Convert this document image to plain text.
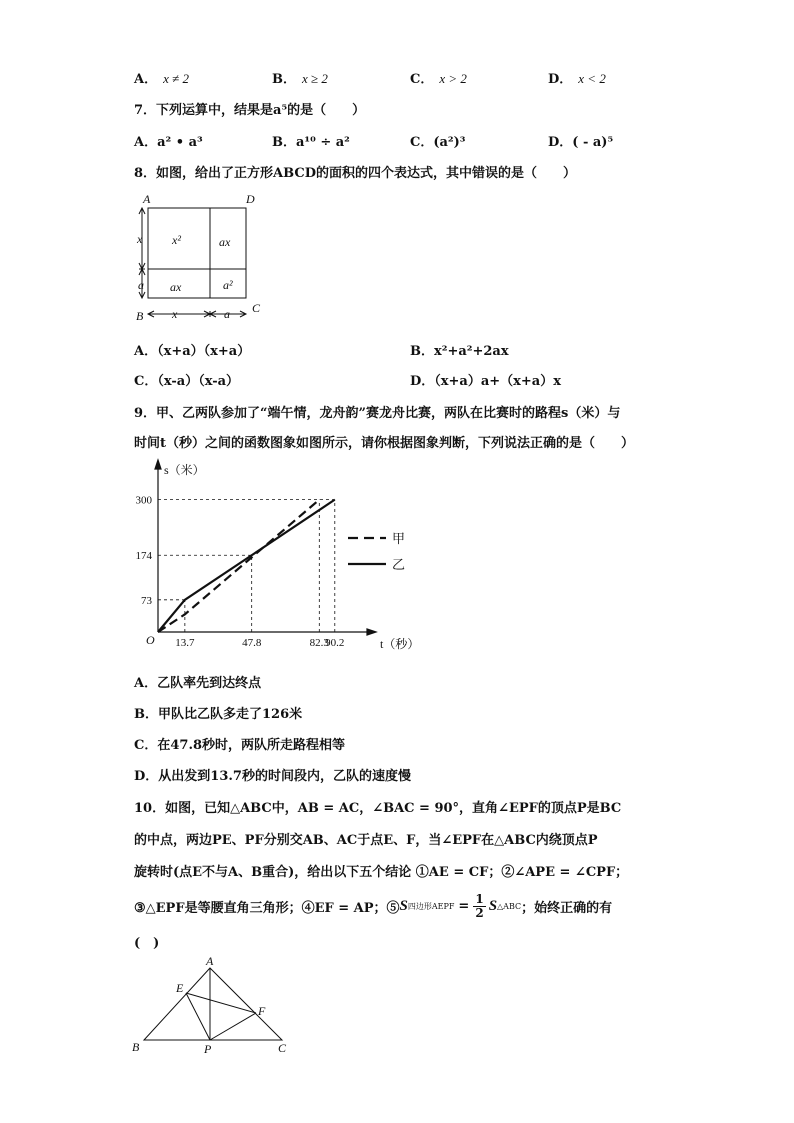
A． x ≠ 2	B． x ≥ 2	C． x > 2	D． x < 2
7．下列运算中，结果是a⁵的是（　　）
A．a² • a³	B．a¹⁰ ÷ a²	C．(a²)³	D．( - a)⁵
8．如图，给出了正方形ABCD的面积的四个表达式，其中错误的是（　　）
A	D
B
C
x²	ax
ax	a²
x
a
x	a
A．（x+a）（x+a）	B．x²+a²+2ax
C．（x-a）（x-a）	D．（x+a）a+（x+a）x
9．甲、乙两队参加了“端午情，龙舟韵”赛龙舟比赛，两队在比赛时的路程s（米）与
时间t（秒）之间的函数图象如图所示，请你根据图象判断，下列说法正确的是（　　）
O
s（米）
t（秒）
73
174
300
13.7	47.8	82.3
90.2
甲
乙
A．乙队率先到达终点
B．甲队比乙队多走了126米
C．在47.8秒时，两队所走路程相等
D．从出发到13.7秒的时间段内，乙队的速度慢
10．如图，已知△ABC中，AB = AC，∠BAC = 90°，直角∠EPF的顶点P是BC
的中点，两边PE、PF分别交AB、AC于点E、F，当∠EPF在△ABC内绕顶点P
旋转时(点E不与A、B重合)，给出以下五个结论 ①AE = CF；②∠APE = ∠CPF；
③△EPF是等腰直角三角形；④EF = AP；⑤ S 四边形AEPF = $\frac{1}{2}$ S △ABC ；始终正确的有
(　)
A
B	C
E
F
P
